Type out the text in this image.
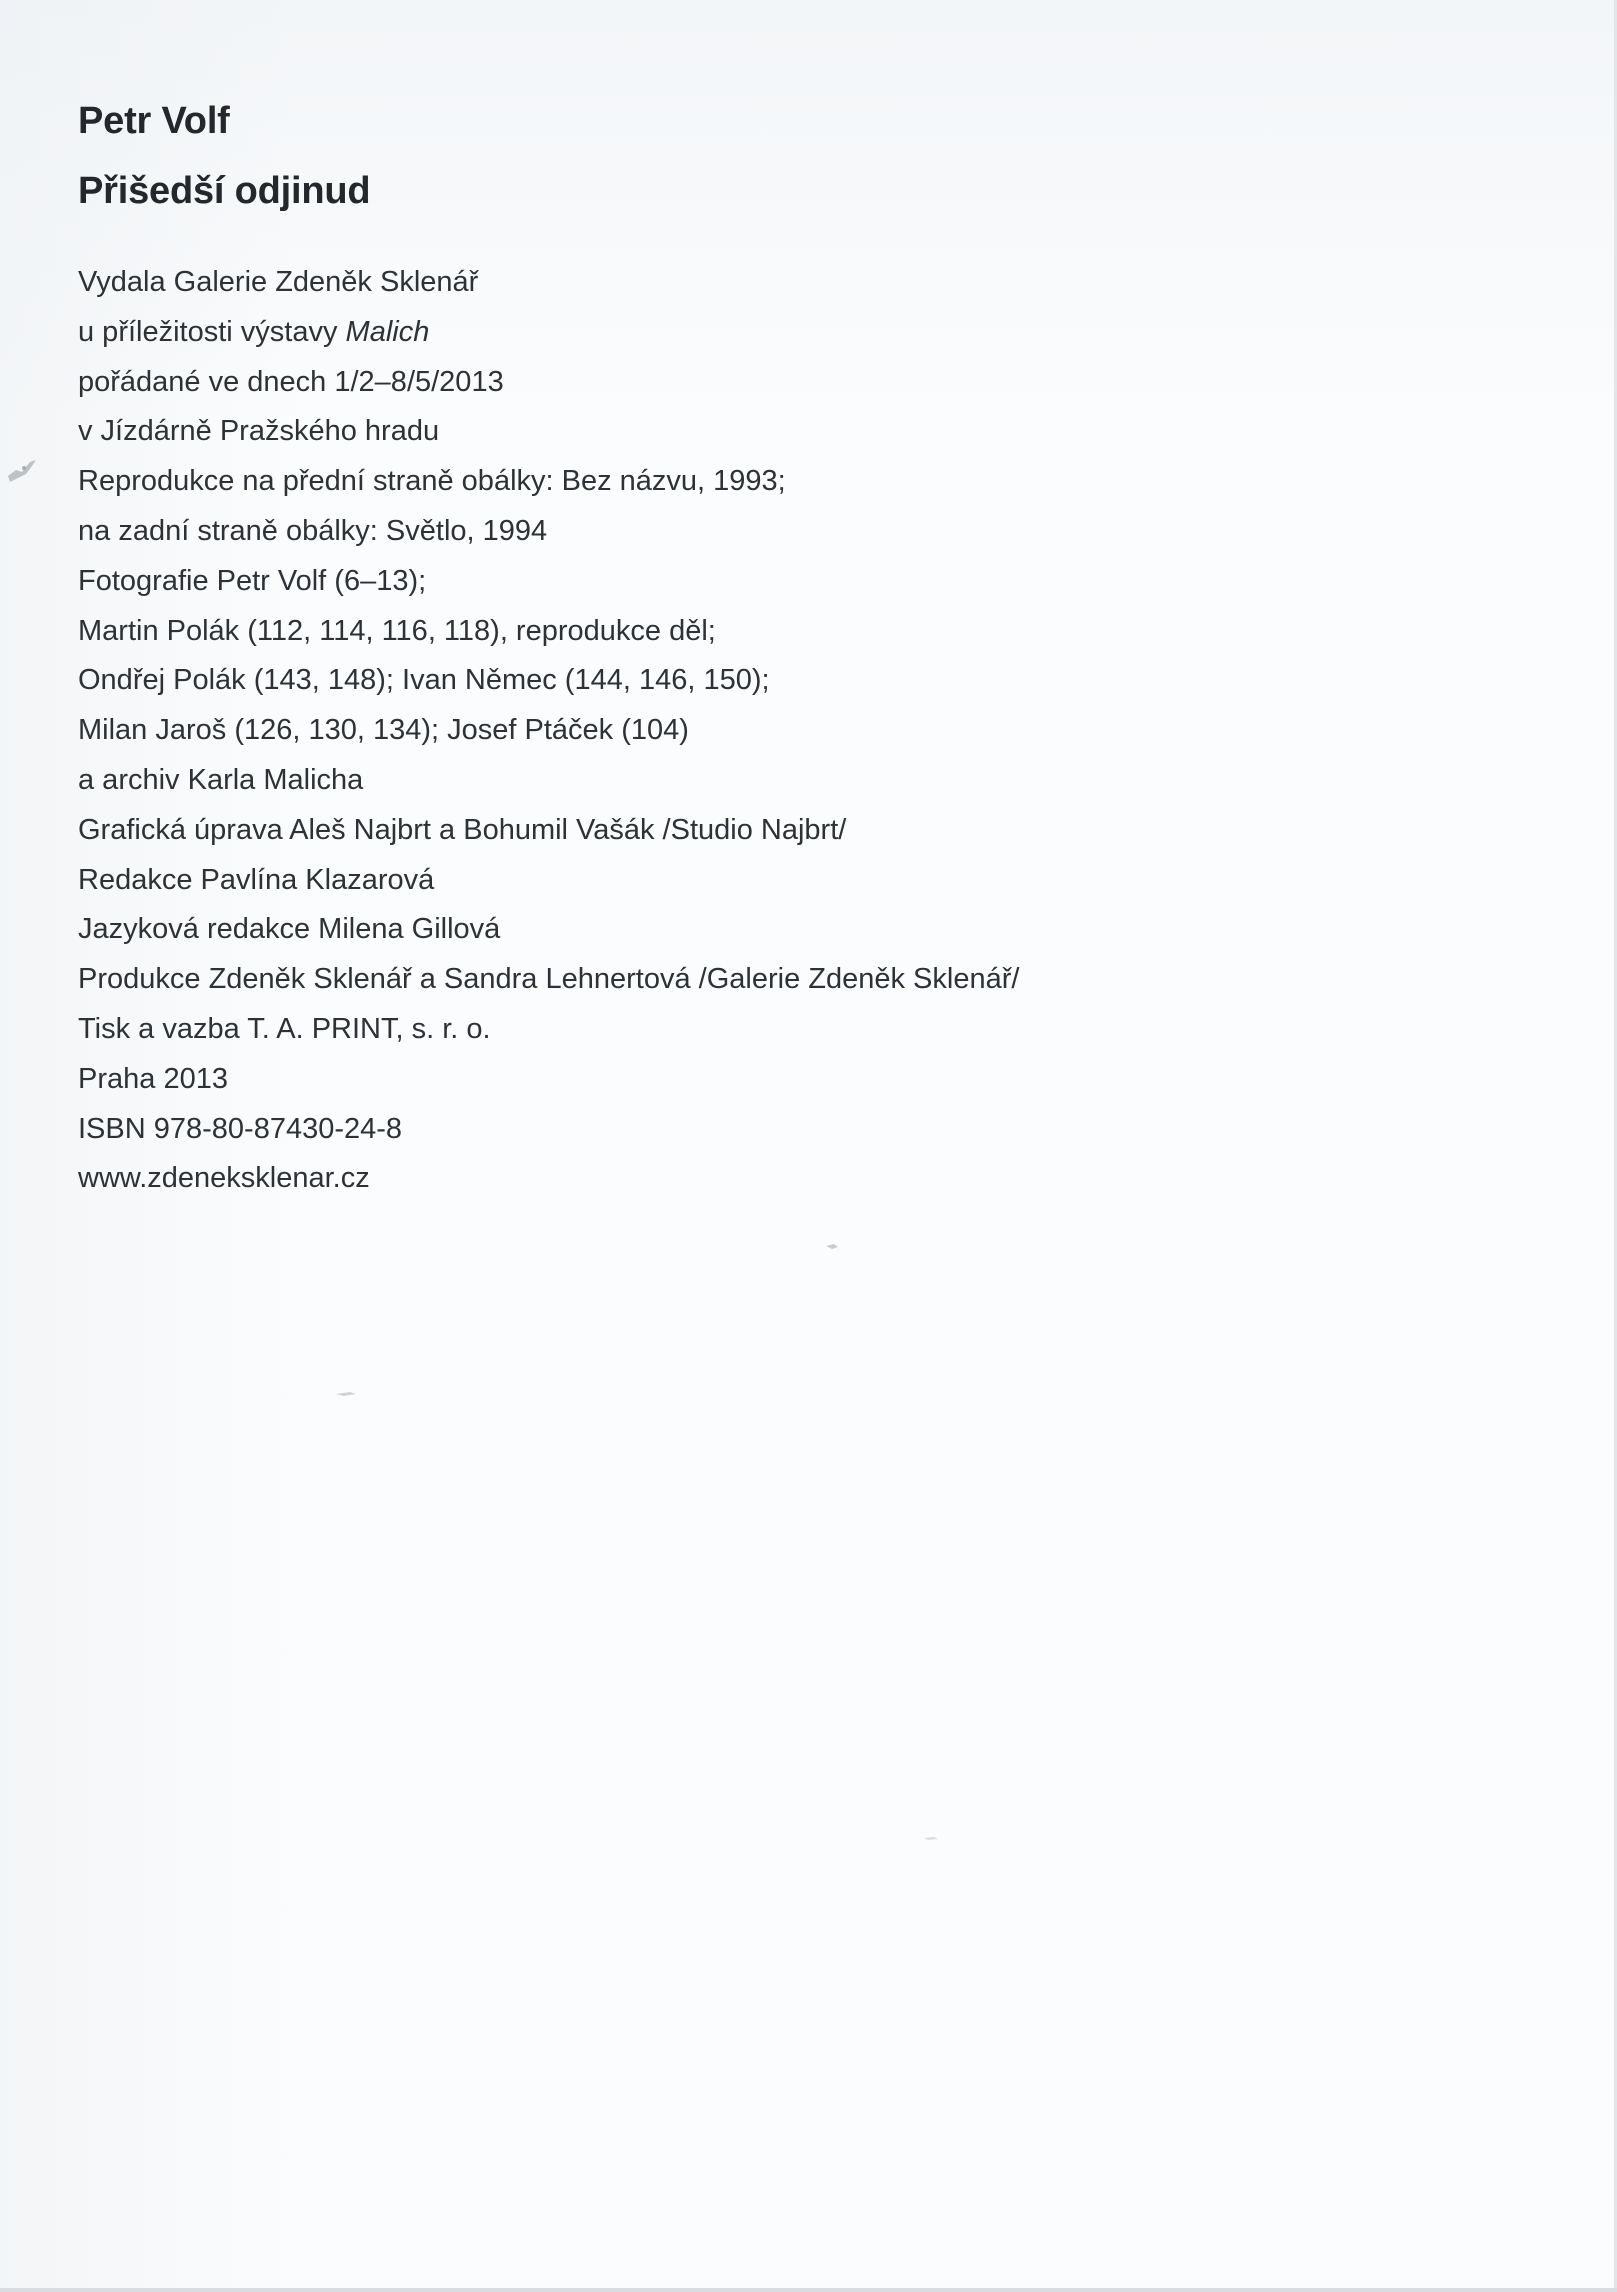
Petr Volf
Přišedší odjinud
Vydala Galerie Zdeněk Sklenář
u příležitosti výstavy Malich
pořádané ve dnech 1/2–8/5/2013
v Jízdárně Pražského hradu
Reprodukce na přední straně obálky: Bez názvu, 1993;
na zadní straně obálky: Světlo, 1994
Fotografie Petr Volf (6–13);
Martin Polák (112, 114, 116, 118), reprodukce děl;
Ondřej Polák (143, 148); Ivan Němec (144, 146, 150);
Milan Jaroš (126, 130, 134); Josef Ptáček (104)
a archiv Karla Malicha
Grafická úprava Aleš Najbrt a Bohumil Vašák /Studio Najbrt/
Redakce Pavlína Klazarová
Jazyková redakce Milena Gillová
Produkce Zdeněk Sklenář a Sandra Lehnertová /Galerie Zdeněk Sklenář/
Tisk a vazba T. A. PRINT, s. r. o.
Praha 2013
ISBN 978-80-87430-24-8
www.zdeneksklenar.cz
